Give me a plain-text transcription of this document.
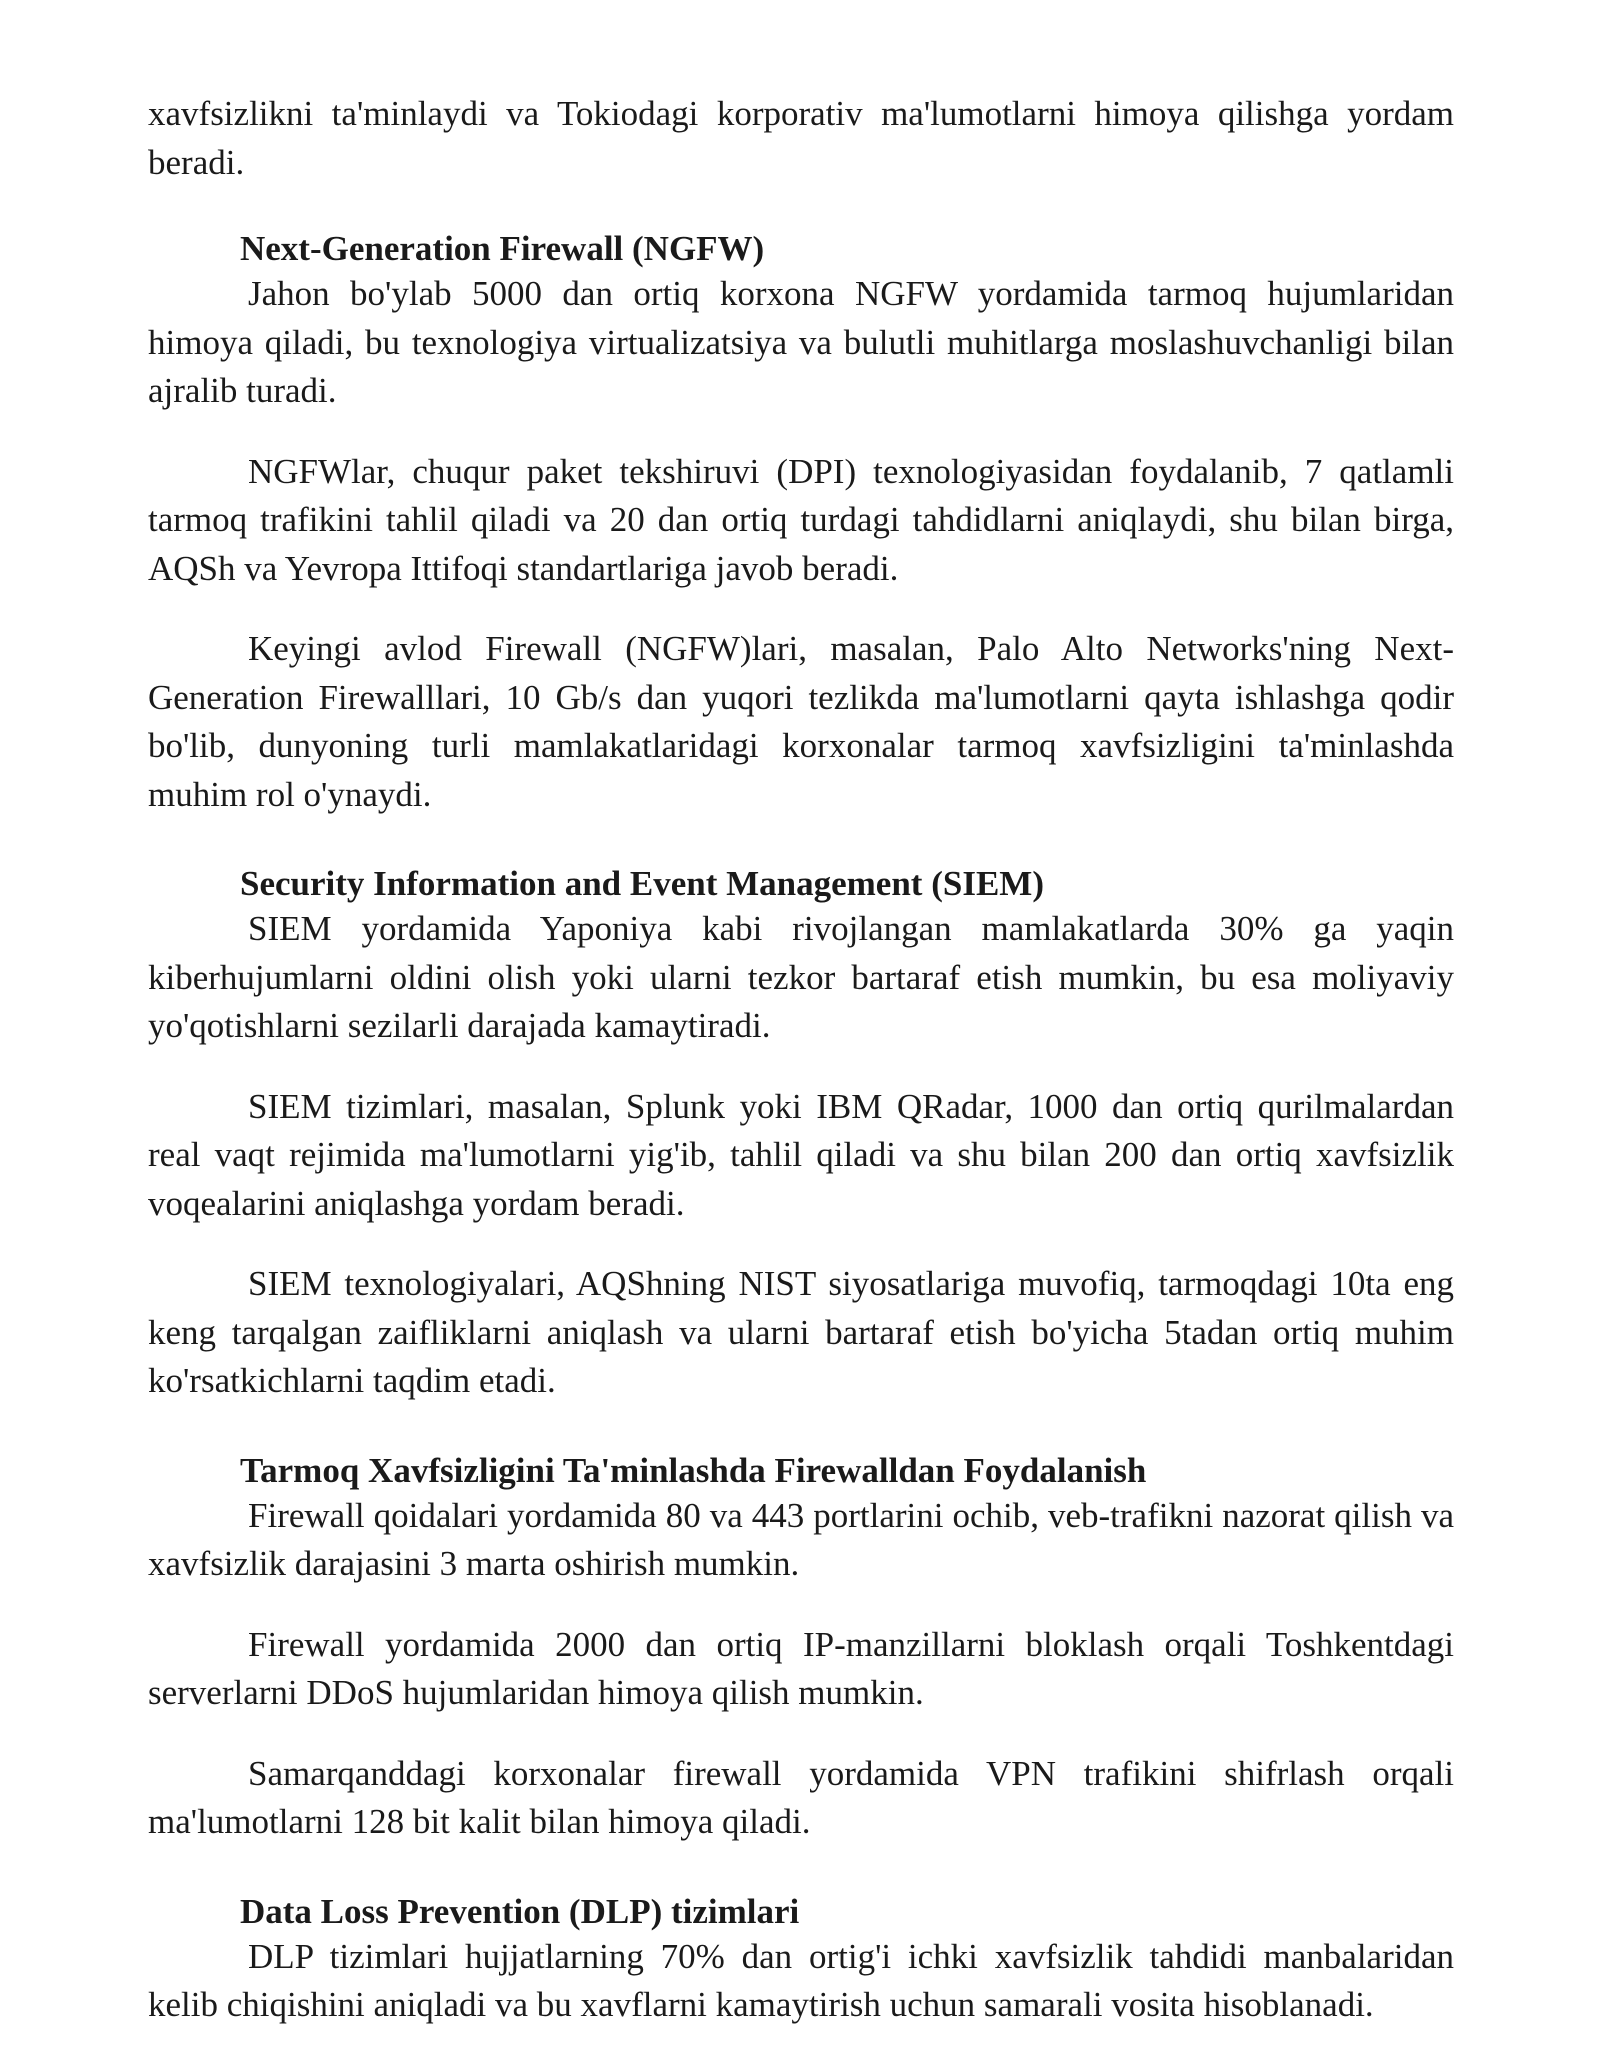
xavfsizlikni ta'minlaydi va Tokiodagi korporativ ma'lumotlarni himoya qilishga yordam beradi.

Next-Generation Firewall (NGFW)

Jahon bo'ylab 5000 dan ortiq korxona NGFW yordamida tarmoq hujumlaridan himoya qiladi, bu texnologiya virtualizatsiya va bulutli muhitlarga moslashuvchanligi bilan ajralib turadi.

NGFWlar, chuqur paket tekshiruvi (DPI) texnologiyasidan foydalanib, 7 qatlamli tarmoq trafikini tahlil qiladi va 20 dan ortiq turdagi tahdidlarni aniqlaydi, shu bilan birga, AQSh va Yevropa Ittifoqi standartlariga javob beradi.

Keyingi avlod Firewall (NGFW)lari, masalan, Palo Alto Networks'ning Next-Generation Firewalllari, 10 Gb/s dan yuqori tezlikda ma'lumotlarni qayta ishlashga qodir bo'lib, dunyoning turli mamlakatlaridagi korxonalar tarmoq xavfsizligini ta'minlashda muhim rol o'ynaydi.

Security Information and Event Management (SIEM)

SIEM yordamida Yaponiya kabi rivojlangan mamlakatlarda 30% ga yaqin kiberhujumlarni oldini olish yoki ularni tezkor bartaraf etish mumkin, bu esa moliyaviy yo'qotishlarni sezilarli darajada kamaytiradi.

SIEM tizimlari, masalan, Splunk yoki IBM QRadar, 1000 dan ortiq qurilmalardan real vaqt rejimida ma'lumotlarni yig'ib, tahlil qiladi va shu bilan 200 dan ortiq xavfsizlik voqealarini aniqlashga yordam beradi.

SIEM texnologiyalari, AQShning NIST siyosatlariga muvofiq, tarmoqdagi 10ta eng keng tarqalgan zaifliklarni aniqlash va ularni bartaraf etish bo'yicha 5tadan ortiq muhim ko'rsatkichlarni taqdim etadi.

Tarmoq Xavfsizligini Ta'minlashda Firewalldan Foydalanish

Firewall qoidalari yordamida 80 va 443 portlarini ochib, veb-trafikni nazorat qilish va xavfsizlik darajasini 3 marta oshirish mumkin.

Firewall yordamida 2000 dan ortiq IP-manzillarni bloklash orqali Toshkentdagi serverlarni DDoS hujumlaridan himoya qilish mumkin.

Samarqanddagi korxonalar firewall yordamida VPN trafikini shifrlash orqali ma'lumotlarni 128 bit kalit bilan himoya qiladi.

Data Loss Prevention (DLP) tizimlari

DLP tizimlari hujjatlarning 70% dan ortig'i ichki xavfsizlik tahdidi manbalaridan kelib chiqishini aniqladi va bu xavflarni kamaytirish uchun samarali vosita hisoblanadi.
